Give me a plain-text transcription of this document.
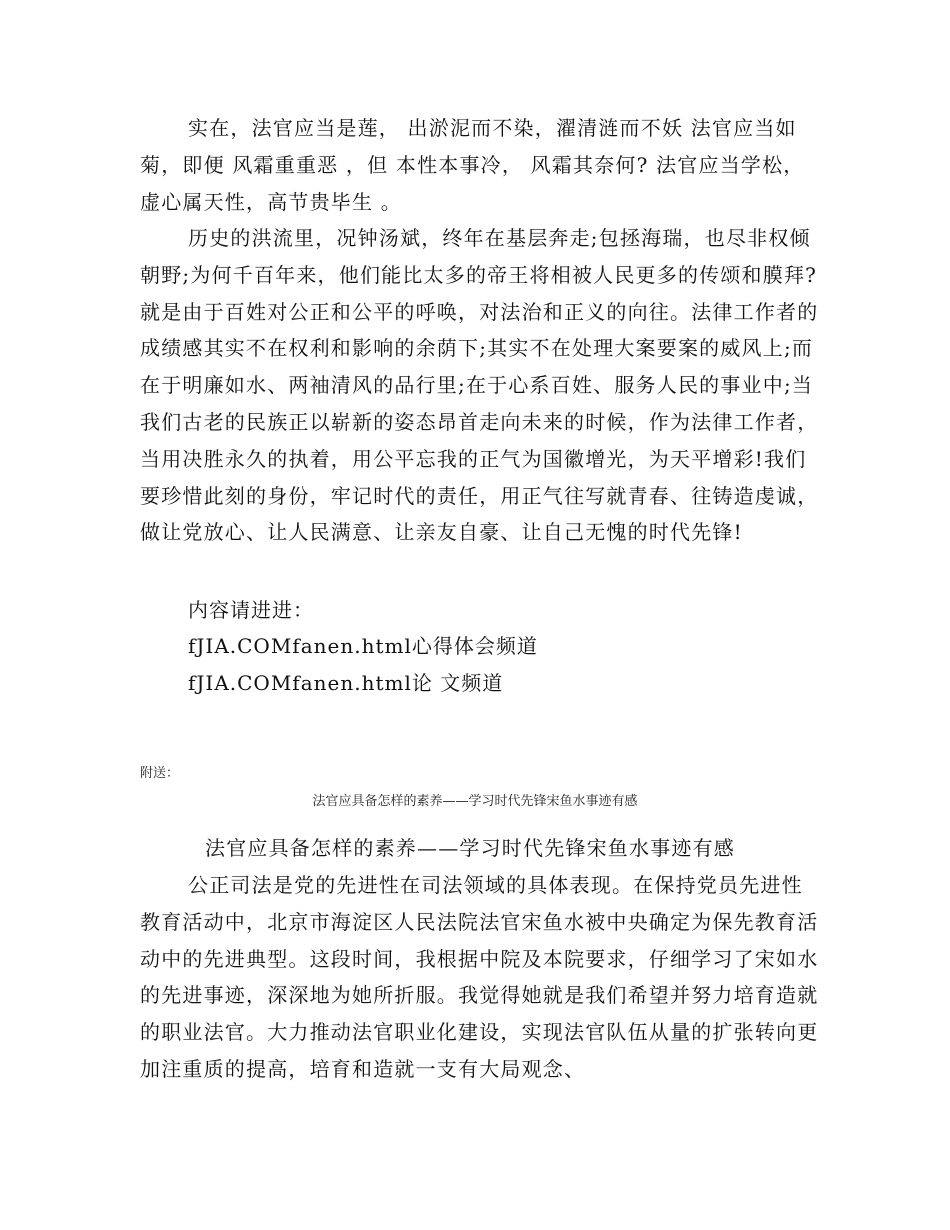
实在，法官应当是莲， 出淤泥而不染，濯清涟而不妖 法官应当如菊，即便 风霜重重恶 ，但 本性本事冷， 风霜其奈何? 法官应当学松， 虚心属天性，高节贵毕生 。

历史的洪流里，况钟汤斌，终年在基层奔走;包拯海瑞，也尽非权倾朝野;为何千百年来，他们能比太多的帝王将相被人民更多的传颂和膜拜?就是由于百姓对公正和公平的呼唤，对法治和正义的向往。法律工作者的成绩感其实不在权利和影响的余荫下;其实不在处理大案要案的威风上;而在于明廉如水、两袖清风的品行里;在于心系百姓、服务人民的事业中;当我们古老的民族正以崭新的姿态昂首走向未来的时候，作为法律工作者，当用决胜永久的执着，用公平忘我的正气为国徽增光，为天平增彩!我们要珍惜此刻的身份，牢记时代的责任，用正气往写就青春、往铸造虔诚，做让党放心、让人民满意、让亲友自豪、让自己无愧的时代先锋!

内容请进进：
fJIA.COMfanen.html心得体会频道
fJIA.COMfanen.html论 文频道
附送：
法官应具备怎样的素养——学习时代先锋宋鱼水事迹有感
法官应具备怎样的素养——学习时代先锋宋鱼水事迹有感

公正司法是党的先进性在司法领域的具体表现。在保持党员先进性教育活动中，北京市海淀区人民法院法官宋鱼水被中央确定为保先教育活动中的先进典型。这段时间，我根据中院及本院要求，仔细学习了宋如水的先进事迹，深深地为她所折服。我觉得她就是我们希望并努力培育造就的职业法官。大力推动法官职业化建设，实现法官队伍从量的扩张转向更加注重质的提高，培育和造就一支有大局观念、
